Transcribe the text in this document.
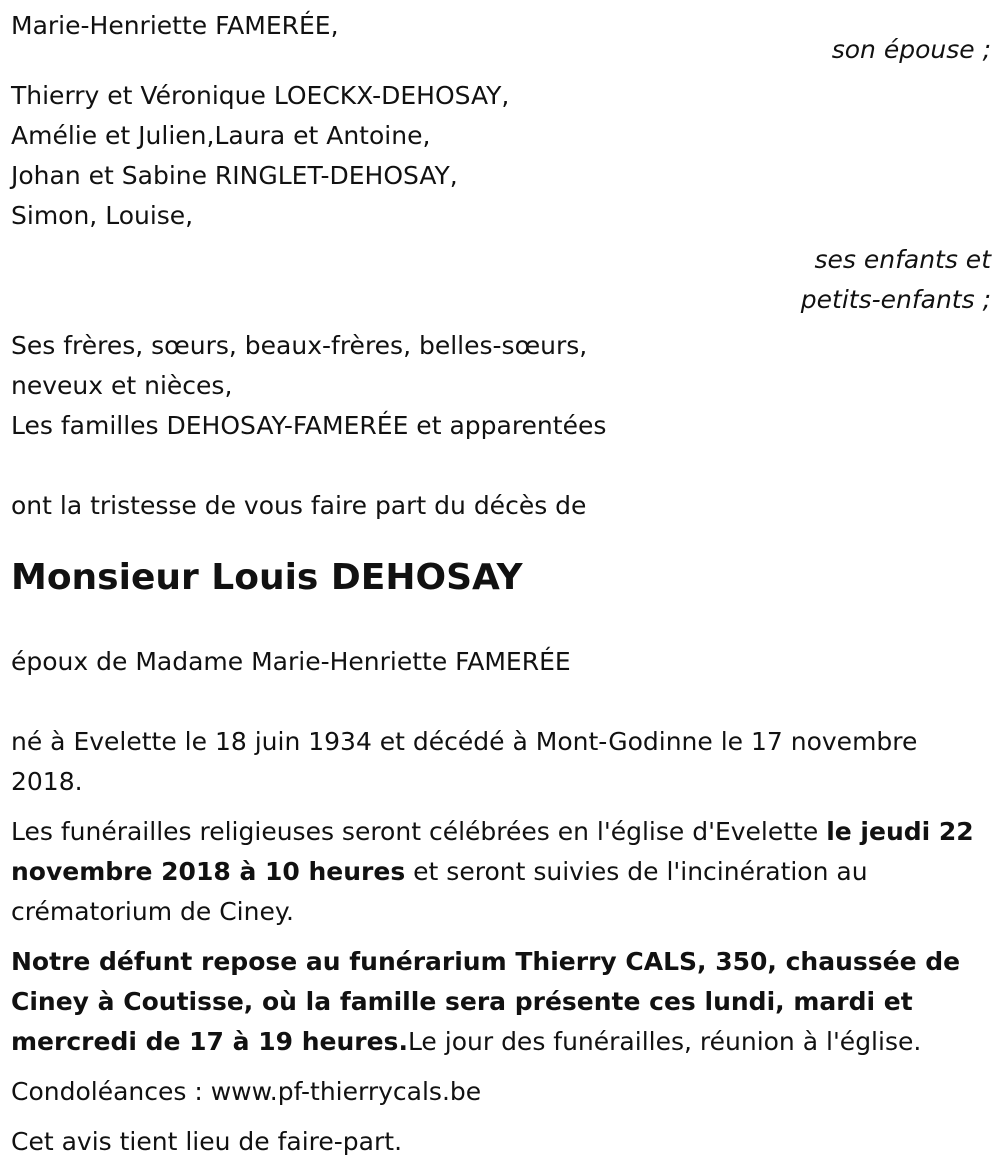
Marie-Henriette FAMERÉE,
son épouse ;
Thierry et Véronique LOECKX-DEHOSAY,
Amélie et Julien,Laura et Antoine,
Johan et Sabine RINGLET-DEHOSAY,
Simon, Louise,
ses enfants et
petits-enfants ;
Ses frères, sœurs, beaux-frères, belles-sœurs,
neveux et nièces,
Les familles DEHOSAY-FAMERÉE et apparentées
ont la tristesse de vous faire part du décès de
Monsieur Louis DEHOSAY
époux de Madame Marie-Henriette FAMERÉE
né à Evelette le 18 juin 1934 et décédé à Mont-Godinne le 17 novembre 2018.
Les funérailles religieuses seront célébrées en l'église d'Evelette le jeudi 22 novembre 2018 à 10 heures et seront suivies de l'incinération au crématorium de Ciney.
Notre défunt repose au funérarium Thierry CALS, 350, chaussée de Ciney à Coutisse, où la famille sera présente ces lundi, mardi et mercredi de 17 à 19 heures.Le jour des funérailles, réunion à l'église.
Condoléances : www.pf-thierrycals.be
Cet avis tient lieu de faire-part.
